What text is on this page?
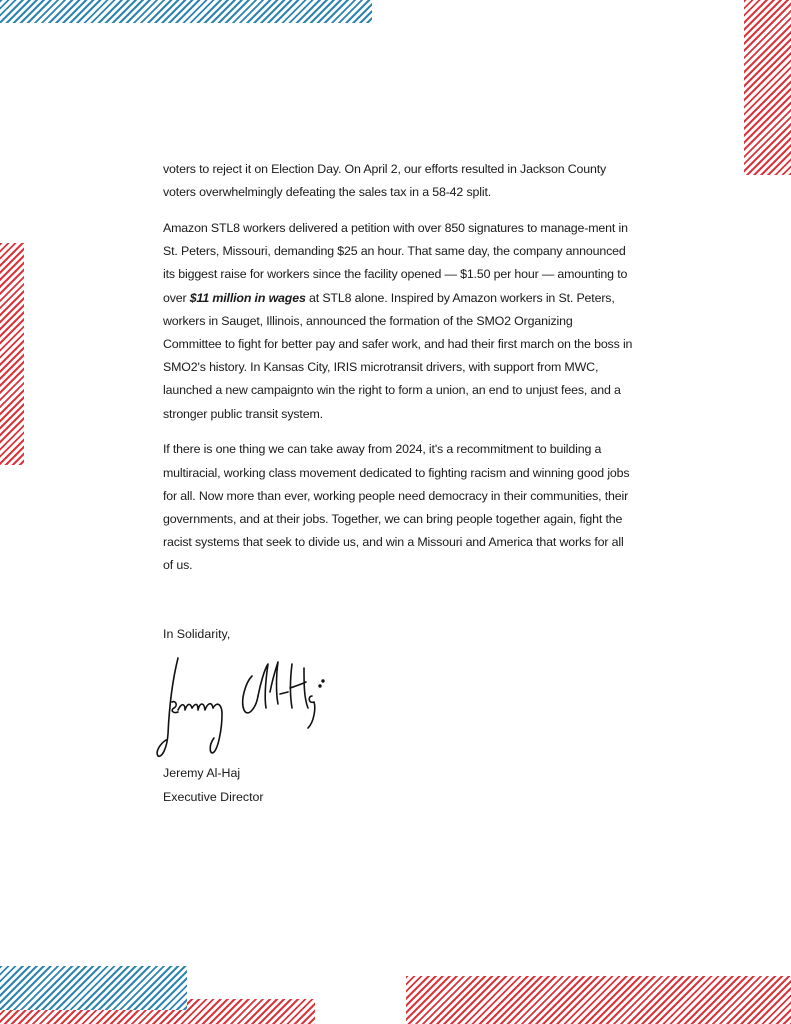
voters to reject it on Election Day. On April 2, our efforts resulted in Jackson County voters overwhelmingly defeating the sales tax in a 58-42 split.

Amazon STL8 workers delivered a petition with over 850 signatures to manage-ment in St. Peters, Missouri, demanding $25 an hour. That same day, the company announced its biggest raise for workers since the facility opened — $1.50 per hour — amounting to over $11 million in wages at STL8 alone. Inspired by Amazon workers in St. Peters, workers in Sauget, Illinois, announced the formation of the SMO2 Organizing Committee to fight for better pay and safer work, and had their first march on the boss in SMO2's history. In Kansas City, IRIS microtransit drivers, with support from MWC, launched a new campaignto win the right to form a union, an end to unjust fees, and a stronger public transit system.

If there is one thing we can take away from 2024, it's a recommitment to building a multiracial, working class movement dedicated to fighting racism and winning good jobs for all. Now more than ever, working people need democracy in their communities, their governments, and at their jobs. Together, we can bring people together again, fight the racist systems that seek to divide us, and win a Missouri and America that works for all of us.

In Solidarity,
Jeremy Al-Haj
Jeremy Al-Haj
Executive Director
